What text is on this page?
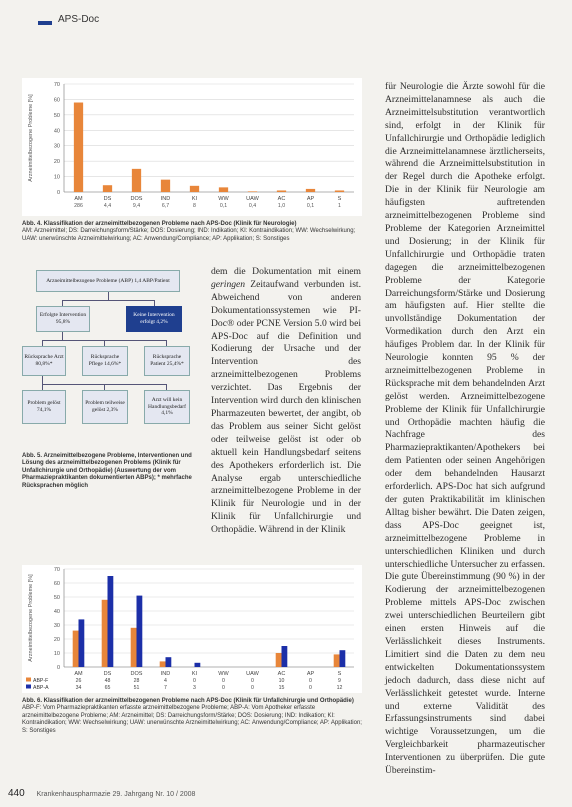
APS-Doc
0
10
20
30
40
50
60
70
Arzneimittelbezogene Probleme [%]
AM
286
DS
4,4
DOS
9,4
IND
6,7
KI
8
WW
0,1
UAW
0,4
AC
1,0
AP
0,1
S
1
Abb. 4. Klassifikation der arzneimittelbezogenen Probleme nach APS-Doc (Klinik für Neurologie)
AM: Arzneimittel; DS: Darreichungsform/Stärke; DOS: Dosierung; IND: Indikation; KI: Kontraindikation; WW: Wechselwirkung; UAW: unerwünschte Arzneimittelwirkung; AC: Anwendung/Compliance; AP: Applikation; S: Sonstiges
Arzneimittelbezogene Probleme (ABP) 1,4 ABP/Patient
Erfolgte Intervention 95,8%
Keine Intervention erfolgt 4,2%
Rücksprache Arzt 80,8%*
Rücksprache Pflege 14,6%*
Rücksprache Patient 25,4%*
Problem gelöst 74,1%
Problem teilweise gelöst 2,3%
Arzt will kein Handlungsbedarf 4,1%
Abb. 5. Arzneimittelbezogene Probleme, Interventionen und Lösung des arzneimittelbezogenen Problems (Klinik für Unfallchirurgie und Orthopädie) (Auswertung der vom Pharmaziepraktikanten dokumentierten ABPs); * mehrfache Rücksprachen möglich
dem die Dokumentation mit einem geringen Zeitaufwand verbunden ist. Abweichend von anderen Dokumentationssystemen wie PI-Doc® oder PCNE Version 5.0 wird bei APS-Doc auf die Definition und Kodierung der Ursache und der Intervention des arzneimittelbezogenen Problems verzichtet. Das Ergebnis der Intervention wird durch den klinischen Pharmazeuten bewertet, der angibt, ob das Problem aus seiner Sicht gelöst oder teilweise gelöst ist oder ob aktuell kein Handlungsbedarf seitens des Apothekers erforderlich ist. Die Analyse ergab unterschiedliche arzneimittelbezogene Probleme in der Klinik für Neurologie und in der Klinik für Unfallchirurgie und Orthopädie. Während in der Klinik
0
10
20
30
40
50
60
70
Arzneimittelbezogene Probleme [%]
AM	DS	DOS	IND	KI	WW	UAW	AC	AP	S
ABP-F	26	48	28	4	0	0	0	10	0	9
ABP-A	34	65	51	7	3	0	0	15	0	12
Abb. 6. Klassifikation der arzneimittelbezogenen Probleme nach APS-Doc (Klinik für Unfallchirurgie und Orthopädie)
ABP-F: Vom Pharmaziepraktikanten erfasste arzneimittelbezogene Probleme; ABP-A: Vom Apotheker erfasste arzneimittelbezogene Probleme; AM: Arzneimittel; DS: Darreichungsform/Stärke; DOS: Dosierung; IND: Indikation; KI: Kontraindikation; WW: Wechselwirkung; UAW: unerwünschte Arzneimittelwirkung; AC: Anwendung/Compliance; AP: Applikation; S: Sonstiges
für Neurologie die Ärzte sowohl für die Arzneimittelanamnese als auch die Arzneimittelsubstitution verantwortlich sind, erfolgt in der Klinik für Unfallchirurgie und Orthopädie lediglich die Arzneimittelanamnese ärztlicherseits, während die Arzneimittelsubstitution in der Regel durch die Apotheke erfolgt. Die in der Klinik für Neurologie am häufigsten auftretenden arzneimittelbezogenen Probleme sind Probleme der Kategorien Arzneimittel und Dosierung; in der Klinik für Unfallchirurgie und Orthopädie traten dagegen die arzneimittelbezogenen Probleme der Kategorie Darreichungsform/Stärke und Dosierung am häufigsten auf. Hier stellte die unvollständige Dokumentation der Vormedikation durch den Arzt ein häufiges Problem dar. In der Klinik für Neurologie konnten 95 % der arzneimittelbezogenen Probleme in Rücksprache mit dem behandelnden Arzt gelöst werden. Arzneimittelbezogene Probleme der Klinik für Unfallchirurgie und Orthopädie machten häufig die Nachfrage des Pharmaziepraktikanten/Apothekers bei dem Patienten oder seinen Angehörigen oder dem behandelnden Hausarzt erforderlich. APS-Doc hat sich aufgrund der guten Praktikabilität im klinischen Alltag bisher bewährt. Die Daten zeigen, dass APS-Doc geeignet ist, arzneimittelbezogene Probleme in unterschiedlichen Kliniken und durch unterschiedliche Untersucher zu erfassen. Die gute Übereinstimmung (90 %) in der Kodierung der arzneimittelbezogenen Probleme mittels APS-Doc zwischen zwei unterschiedlichen Beurteilern gibt einen ersten Hinweis auf die Verlässlichkeit dieses Instruments. Limitiert sind die Daten zu dem neu entwickelten Dokumentationssystem jedoch dadurch, dass diese nicht auf Verlässlichkeit getestet wurde. Interne und externe Validität des Erfassungsinstruments sind dabei wichtige Voraussetzungen, um die Vergleichbarkeit pharmazeutischer Interventionen zu überprüfen. Die gute Übereinstim-
440 Krankenhauspharmazie 29. Jahrgang Nr. 10 / 2008
